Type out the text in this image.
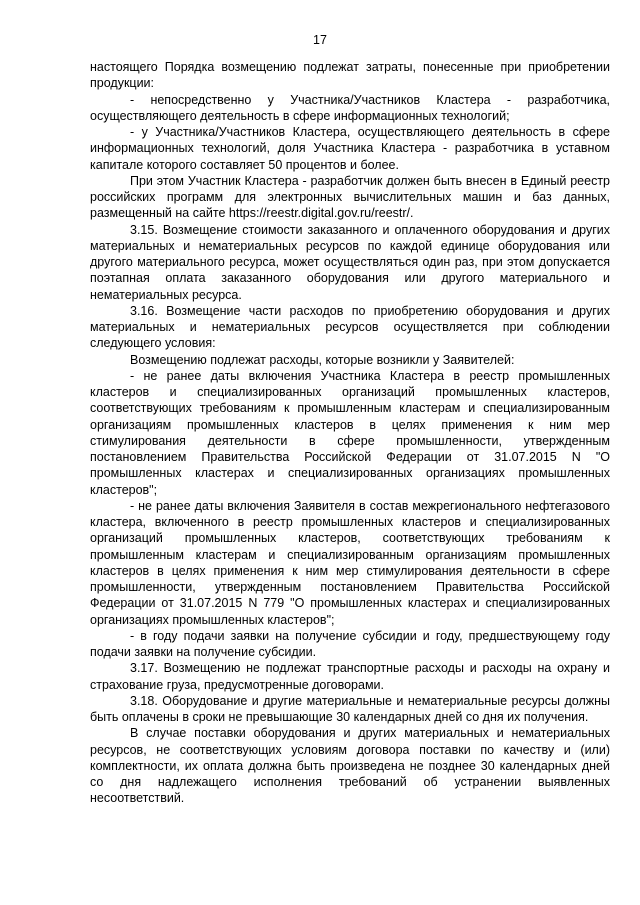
17

настоящего Порядка возмещению подлежат затраты, понесенные при приобретении продукции:

- непосредственно у Участника/Участников Кластера - разработчика, осуществляющего деятельность в сфере информационных технологий;

- у Участника/Участников Кластера, осуществляющего деятельность в сфере информационных технологий, доля Участника Кластера - разработчика в уставном капитале которого составляет 50 процентов и более.

При этом Участник Кластера - разработчик должен быть внесен в Единый реестр российских программ для электронных вычислительных машин и баз данных, размещенный на сайте https://reestr.digital.gov.ru/reestr/.

3.15. Возмещение стоимости заказанного и оплаченного оборудования и других материальных и нематериальных ресурсов по каждой единице оборудования или другого материального ресурса, может осуществляться один раз, при этом допускается поэтапная оплата заказанного оборудования или другого материального и нематериальных ресурса.

3.16. Возмещение части расходов по приобретению оборудования и других материальных и нематериальных ресурсов осуществляется при соблюдении следующего условия:

Возмещению подлежат расходы, которые возникли у Заявителей:

- не ранее даты включения Участника Кластера в реестр промышленных кластеров и специализированных организаций промышленных кластеров, соответствующих требованиям к промышленным кластерам и специализированным организациям промышленных кластеров в целях применения к ним мер стимулирования деятельности в сфере промышленности, утвержденным постановлением Правительства Российской Федерации от 31.07.2015 N "О промышленных кластерах и специализированных организациях промышленных кластеров";

- не ранее даты включения Заявителя в состав межрегионального нефтегазового кластера, включенного в реестр промышленных кластеров и специализированных организаций промышленных кластеров, соответствующих требованиям к промышленным кластерам и специализированным организациям промышленных кластеров в целях применения к ним мер стимулирования деятельности в сфере промышленности, утвержденным постановлением Правительства Российской Федерации от 31.07.2015 N 779 "О промышленных кластерах и специализированных организациях промышленных кластеров";

- в году подачи заявки на получение субсидии и году, предшествующему году подачи заявки на получение субсидии.

3.17. Возмещению не подлежат транспортные расходы и расходы на охрану и страхование груза, предусмотренные договорами.

3.18. Оборудование и другие материальные и нематериальные ресурсы должны быть оплачены в сроки не превышающие 30 календарных дней со дня их получения.

В случае поставки оборудования и других материальных и нематериальных ресурсов, не соответствующих условиям договора поставки по качеству и (или) комплектности, их оплата должна быть произведена не позднее 30 календарных дней со дня надлежащего исполнения требований об устранении выявленных несоответствий.
